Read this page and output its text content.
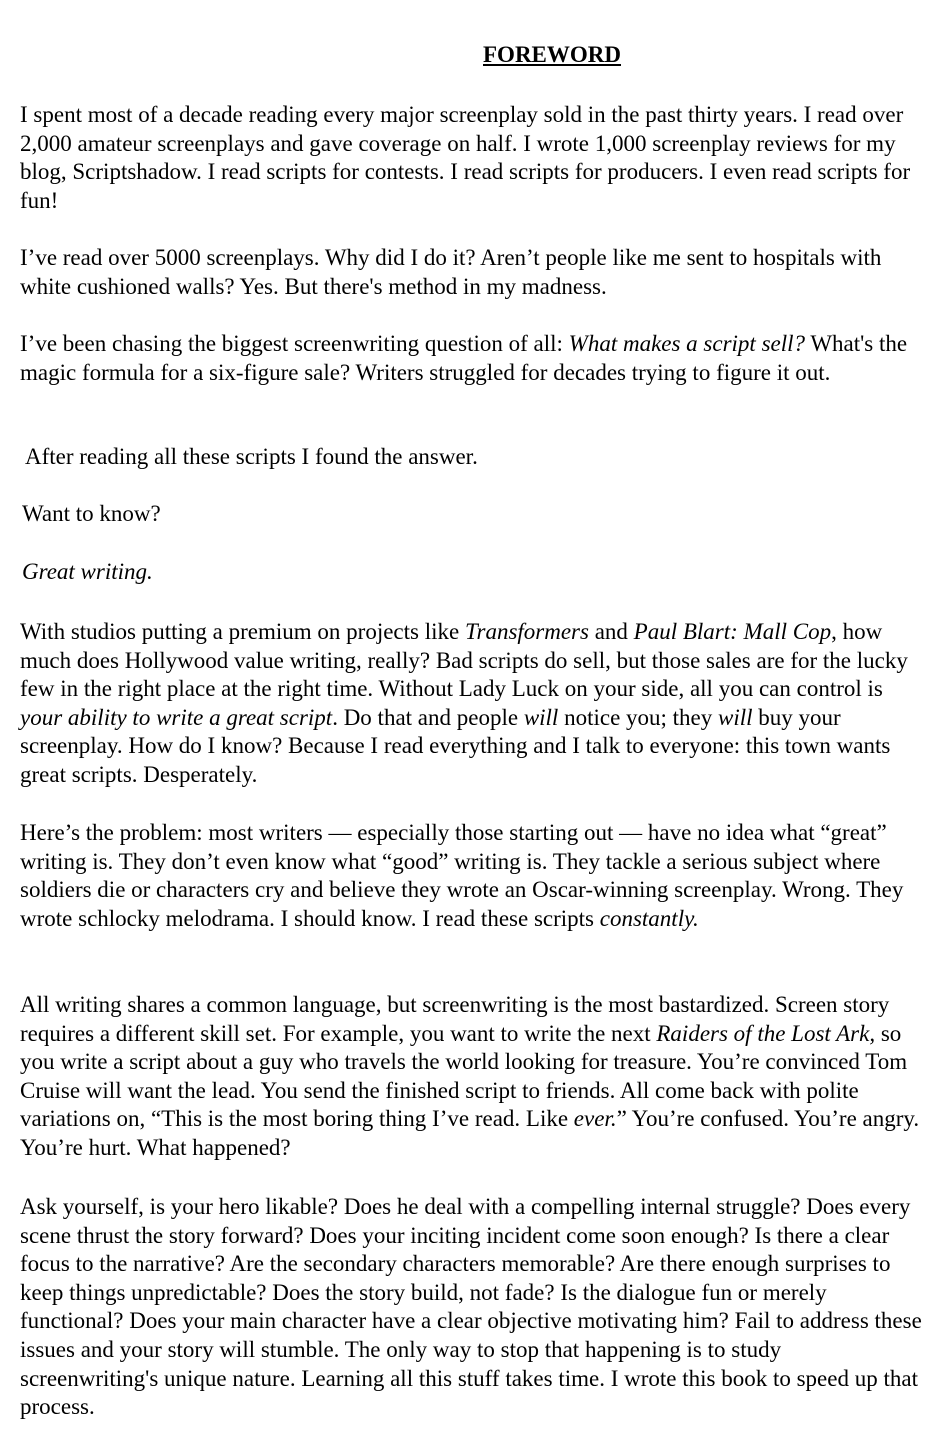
FOREWORD

I spent most of a decade reading every major screenplay sold in the past thirty years. I read over 2,000 amateur screenplays and gave coverage on half. I wrote 1,000 screenplay reviews for my blog, Scriptshadow. I read scripts for contests. I read scripts for producers. I even read scripts for fun!

I’ve read over 5000 screenplays. Why did I do it? Aren’t people like me sent to hospitals with white cushioned walls? Yes. But there's method in my madness.

I’ve been chasing the biggest screenwriting question of all: What makes a script sell? What's the magic formula for a six-figure sale? Writers struggled for decades trying to figure it out.

After reading all these scripts I found the answer.

Want to know?

Great writing.

With studios putting a premium on projects like Transformers and Paul Blart: Mall Cop, how much does Hollywood value writing, really? Bad scripts do sell, but those sales are for the lucky few in the right place at the right time. Without Lady Luck on your side, all you can control is your ability to write a great script. Do that and people will notice you; they will buy your screenplay. How do I know? Because I read everything and I talk to everyone: this town wants great scripts. Desperately.

Here’s the problem: most writers — especially those starting out — have no idea what “great” writing is. They don’t even know what “good” writing is. They tackle a serious subject where soldiers die or characters cry and believe they wrote an Oscar-winning screenplay. Wrong. They wrote schlocky melodrama. I should know. I read these scripts constantly.

All writing shares a common language, but screenwriting is the most bastardized. Screen story requires a different skill set. For example, you want to write the next Raiders of the Lost Ark, so you write a script about a guy who travels the world looking for treasure. You’re convinced Tom Cruise will want the lead. You send the finished script to friends. All come back with polite variations on, “This is the most boring thing I’ve read. Like ever.” You’re confused. You’re angry. You’re hurt. What happened?

Ask yourself, is your hero likable? Does he deal with a compelling internal struggle? Does every scene thrust the story forward? Does your inciting incident come soon enough? Is there a clear focus to the narrative? Are the secondary characters memorable? Are there enough surprises to keep things unpredictable? Does the story build, not fade? Is the dialogue fun or merely functional? Does your main character have a clear objective motivating him? Fail to address these issues and your story will stumble. The only way to stop that happening is to study screenwriting's unique nature. Learning all this stuff takes time. I wrote this book to speed up that process.
